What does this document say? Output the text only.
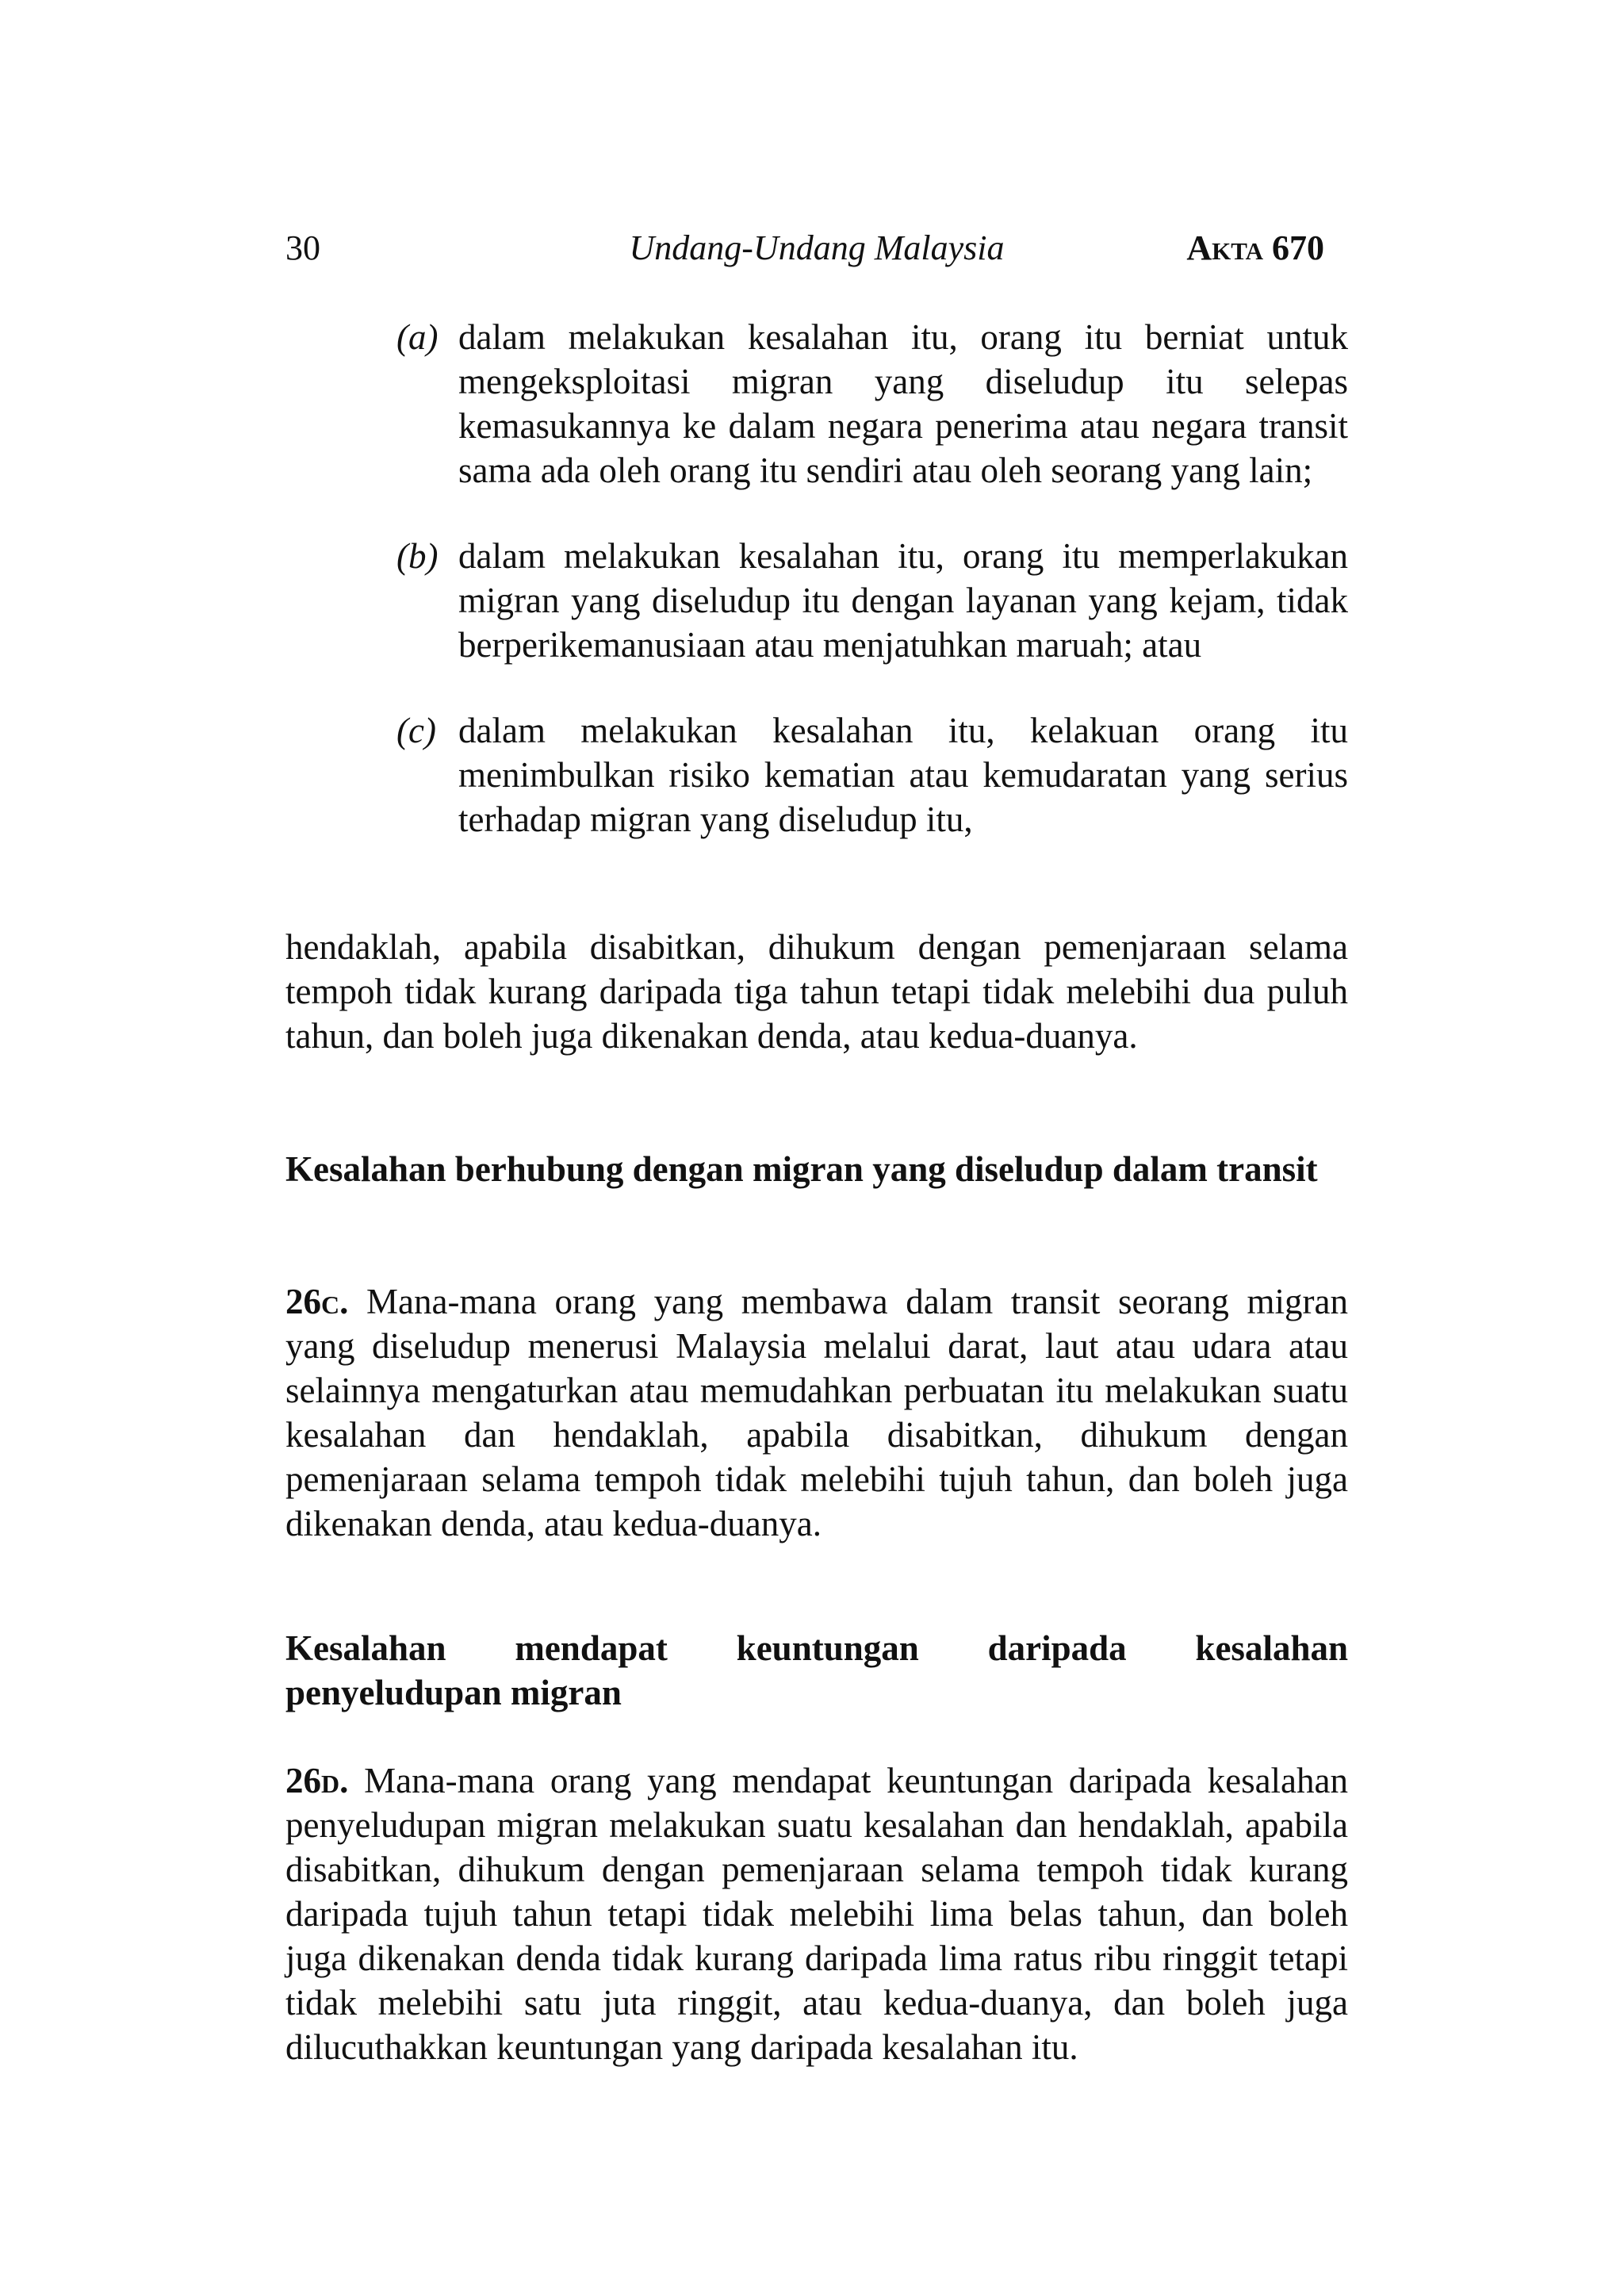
30	Undang-Undang Malaysia	Akta 670
(a) dalam melakukan kesalahan itu, orang itu berniat untuk mengeksploitasi migran yang diseludup itu selepas kemasukannya ke dalam negara penerima atau negara transit sama ada oleh orang itu sendiri atau oleh seorang yang lain;
(b) dalam melakukan kesalahan itu, orang itu memperlakukan migran yang diseludup itu dengan layanan yang kejam, tidak berperikemanusiaan atau menjatuhkan maruah; atau
(c) dalam melakukan kesalahan itu, kelakuan orang itu menimbulkan risiko kematian atau kemudaratan yang serius terhadap migran yang diseludup itu,
hendaklah, apabila disabitkan, dihukum dengan pemenjaraan selama tempoh tidak kurang daripada tiga tahun tetapi tidak melebihi dua puluh tahun, dan boleh juga dikenakan denda, atau kedua-duanya.
Kesalahan berhubung dengan migran yang diseludup dalam transit
26c. Mana-mana orang yang membawa dalam transit seorang migran yang diseludup menerusi Malaysia melalui darat, laut atau udara atau selainnya mengaturkan atau memudahkan perbuatan itu melakukan suatu kesalahan dan hendaklah, apabila disabitkan, dihukum dengan pemenjaraan selama tempoh tidak melebihi tujuh tahun, dan boleh juga dikenakan denda, atau kedua-duanya.
Kesalahan mendapat keuntungan daripada kesalahan
penyeludupan migran
26d. Mana-mana orang yang mendapat keuntungan daripada kesalahan penyeludupan migran melakukan suatu kesalahan dan hendaklah, apabila disabitkan, dihukum dengan pemenjaraan selama tempoh tidak kurang daripada tujuh tahun tetapi tidak melebihi lima belas tahun, dan boleh juga dikenakan denda tidak kurang daripada lima ratus ribu ringgit tetapi tidak melebihi satu juta ringgit, atau kedua-duanya, dan boleh juga dilucuthakkan keuntungan yang daripada kesalahan itu.
